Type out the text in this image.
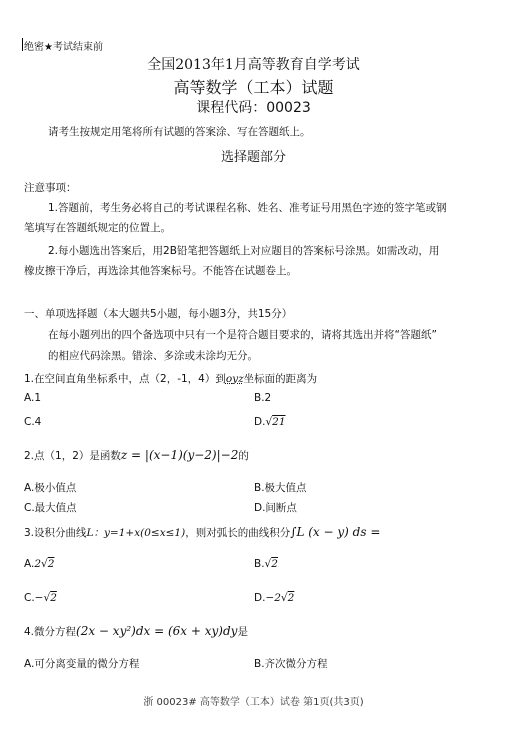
绝密★考试结束前
全国2013年1月高等教育自学考试
高等数学（工本）试题
课程代码：00023
请考生按规定用笔将所有试题的答案涂、写在答题纸上。
选择题部分
注意事项：
1.答题前，考生务必将自己的考试课程名称、姓名、准考证号用黑色字迹的签字笔或钢
笔填写在答题纸规定的位置上。
2.每小题选出答案后，用2B铅笔把答题纸上对应题目的答案标号涂黑。如需改动，用
橡皮擦干净后，再选涂其他答案标号。不能答在试题卷上。
一、单项选择题（本大题共5小题，每小题3分，共15分）
在每小题列出的四个备选项中只有一个是符合题目要求的，请将其选出并将“答题纸”
的相应代码涂黑。错涂、多涂或未涂均无分。
1.在空间直角坐标系中，点（2，-1，4）到oyz坐标面的距离为
A.1	B.2
C.4	D.√21
2.点（1，2）是函数z = |(x−1)(y−2)|−2的
A.极小值点	B.极大值点
C.最大值点	D.间断点
3.设积分曲线L：y=1+x(0≤x≤1)，则对弧长的曲线积分∫L (x − y) ds =
A.2√2	B.√2
C.−√2	D.−2√2
4.微分方程(2x − xy²)dx = (6x + xy)dy是
A.可分离变量的微分方程	B.齐次微分方程
浙 00023# 高等数学（工本）试卷 第1页(共3页)
